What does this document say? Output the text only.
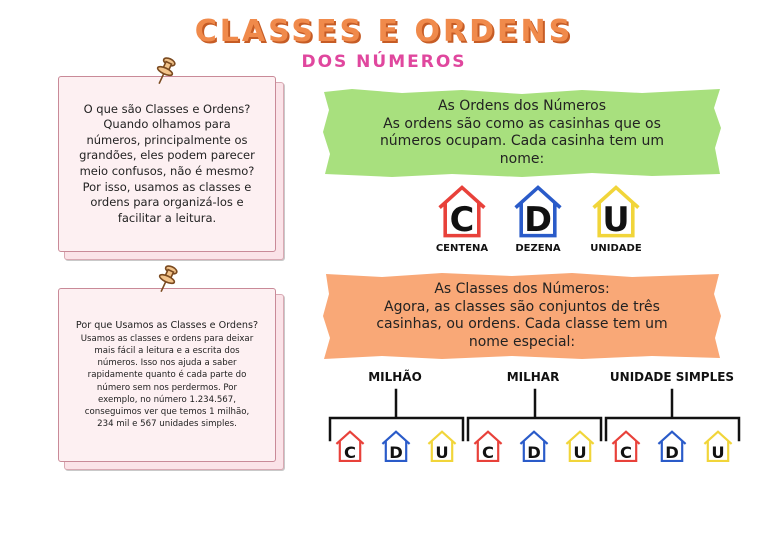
CLASSES E ORDENS
DOS NÚMEROS
O que são Classes e Ordens?
Quando olhamos para
números, principalmente os
grandões, eles podem parecer
meio confusos, não é mesmo?
Por isso, usamos as classes e
ordens para organizá-los e
facilitar a leitura.
Por que Usamos as Classes e Ordens?
Usamos as classes e ordens para deixar
mais fácil a leitura e a escrita dos
números. Isso nos ajuda a saber
rapidamente quanto é cada parte do
número sem nos perdermos. Por
exemplo, no número 1.234.567,
conseguimos ver que temos 1 milhão,
234 mil e 567 unidades simples.
As Ordens dos Números
As ordens são como as casinhas que os
números ocupam. Cada casinha tem um
nome:
C
CENTENA
D
DEZENA
U
UNIDADE
As Classes dos Números:
Agora, as classes são conjuntos de três
casinhas, ou ordens. Cada classe tem um
nome especial:
MILHÃO	MILHAR	UNIDADE SIMPLES
C D U C D U C D U
